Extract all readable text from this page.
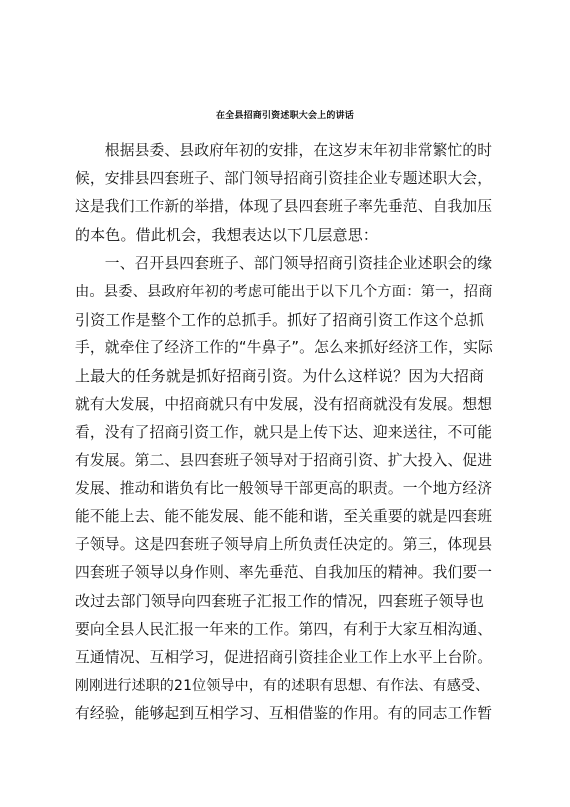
在全县招商引资述职大会上的讲话
　　根据县委、县政府年初的安排，在这岁末年初非常繁忙的时
候，安排县四套班子、部门领导招商引资挂企业专题述职大会，
这是我们工作新的举措，体现了县四套班子率先垂范、自我加压
的本色。借此机会，我想表达以下几层意思：
　　一、召开县四套班子、部门领导招商引资挂企业述职会的缘
由。县委、县政府年初的考虑可能出于以下几个方面：第一，招商
引资工作是整个工作的总抓手。抓好了招商引资工作这个总抓
手，就牵住了经济工作的“牛鼻子”。怎么来抓好经济工作，实际
上最大的任务就是抓好招商引资。为什么这样说？因为大招商
就有大发展，中招商就只有中发展，没有招商就没有发展。想想
看，没有了招商引资工作，就只是上传下达、迎来送往，不可能
有发展。第二、县四套班子领导对于招商引资、扩大投入、促进
发展、推动和谐负有比一般领导干部更高的职责。一个地方经济
能不能上去、能不能发展、能不能和谐，至关重要的就是四套班
子领导。这是四套班子领导肩上所负责任决定的。第三，体现县
四套班子领导以身作则、率先垂范、自我加压的精神。我们要一
改过去部门领导向四套班子汇报工作的情况，四套班子领导也
要向全县人民汇报一年来的工作。第四，有利于大家互相沟通、
互通情况、互相学习，促进招商引资挂企业工作上水平上台阶。
刚刚进行述职的21位领导中，有的述职有思想、有作法、有感受、
有经验，能够起到互相学习、互相借鉴的作用。有的同志工作暂
